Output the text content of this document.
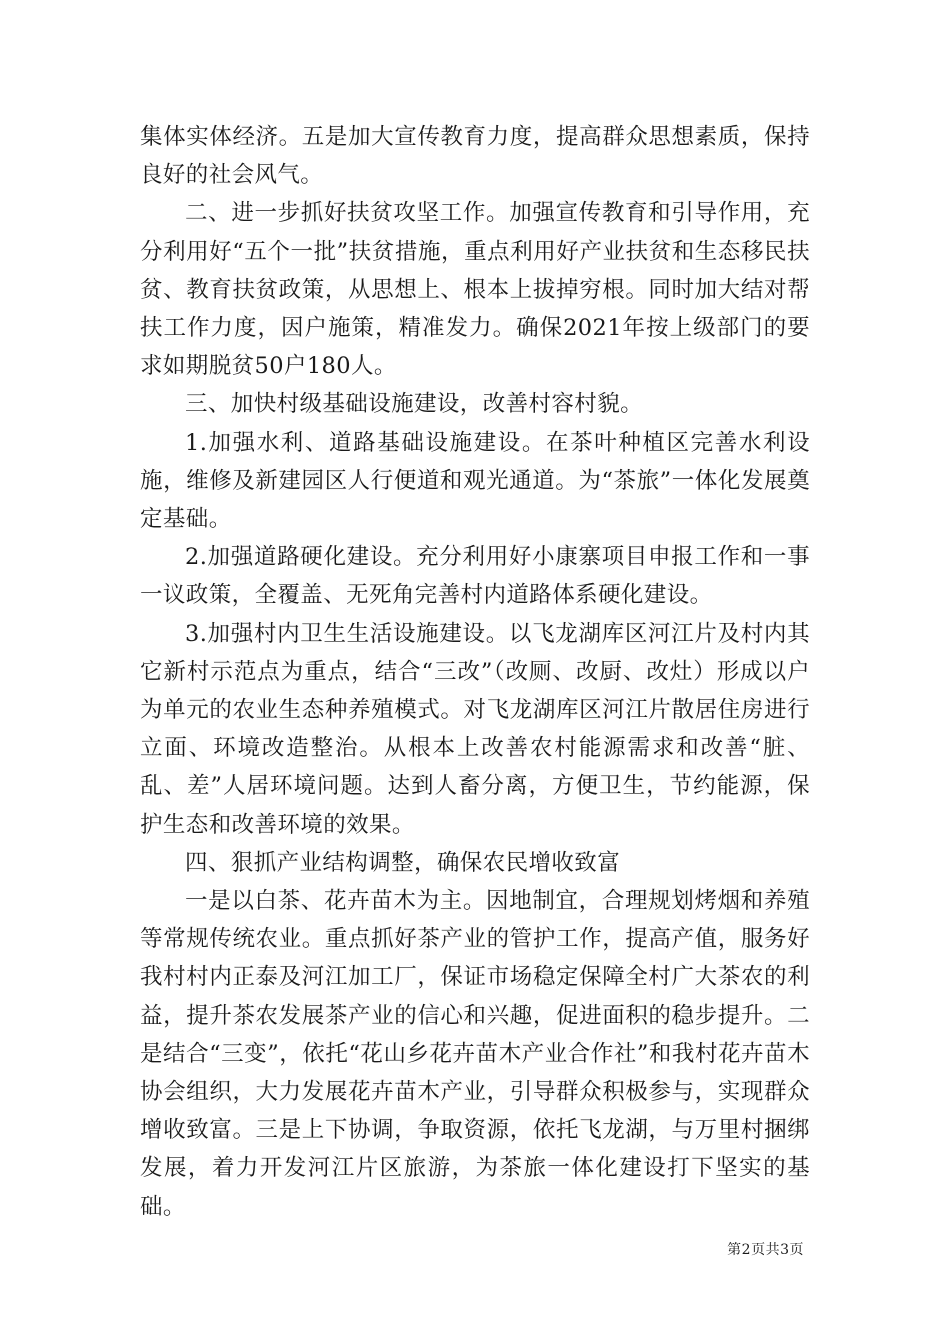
集体实体经济。五是加大宣传教育力度，提高群众思想素质，保持良好的社会风气。

二、进一步抓好扶贫攻坚工作。加强宣传教育和引导作用，充分利用好“五个一批”扶贫措施，重点利用好产业扶贫和生态移民扶贫、教育扶贫政策，从思想上、根本上拔掉穷根。同时加大结对帮扶工作力度，因户施策，精准发力。确保2021年按上级部门的要求如期脱贫50户180人。

三、加快村级基础设施建设，改善村容村貌。

1.加强水利、道路基础设施建设。在茶叶种植区完善水利设施，维修及新建园区人行便道和观光通道。为“茶旅”一体化发展奠定基础。

2.加强道路硬化建设。充分利用好小康寨项目申报工作和一事一议政策，全覆盖、无死角完善村内道路体系硬化建设。

3.加强村内卫生生活设施建设。以飞龙湖库区河江片及村内其它新村示范点为重点，结合“三改”（改厕、改厨、改灶）形成以户为单元的农业生态种养殖模式。对飞龙湖库区河江片散居住房进行立面、环境改造整治。从根本上改善农村能源需求和改善“脏、乱、差”人居环境问题。达到人畜分离，方便卫生，节约能源，保护生态和改善环境的效果。

四、狠抓产业结构调整，确保农民增收致富

一是以白茶、花卉苗木为主。因地制宜，合理规划烤烟和养殖等常规传统农业。重点抓好茶产业的管护工作，提高产值，服务好我村村内正泰及河江加工厂，保证市场稳定保障全村广大茶农的利益，提升茶农发展茶产业的信心和兴趣，促进面积的稳步提升。二是结合“三变”，依托“花山乡花卉苗木产业合作社”和我村花卉苗木协会组织，大力发展花卉苗木产业，引导群众积极参与，实现群众增收致富。三是上下协调，争取资源，依托飞龙湖，与万里村捆绑发展，着力开发河江片区旅游，为茶旅一体化建设打下坚实的基础。

第2页共3页
